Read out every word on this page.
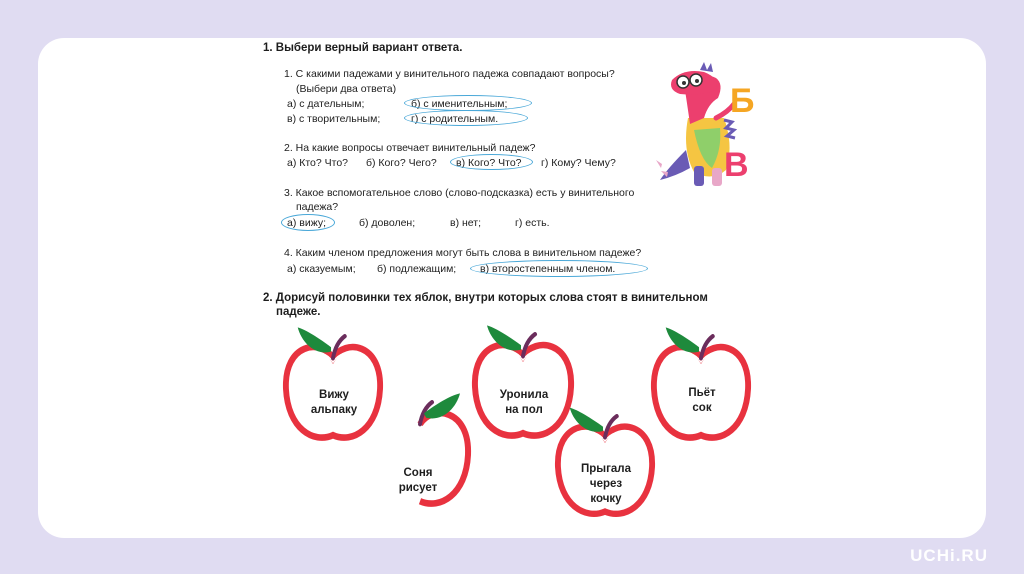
1. Выбери верный вариант ответа.
1. С какими падежами у винительного падежа совпадают вопросы?
(Выбери два ответа)
а) с дательным;	б) с именительным;
в) с творительным;	г) с родительным.
2. На какие вопросы отвечает винительный падеж?
а) Кто? Что? б) Кого? Чего? в) Кого? Что? г) Кому? Чему?
3. Какое вспомогательное слово (слово-подсказка) есть у винительного
падежа?
а) вижу;	б) доволен;	в) нет;	г) есть.
4. Каким членом предложения могут быть слова в винительном падеже?
а) сказуемым; б) подлежащим; в) второстепенным членом.
2. Дорисуй половинки тех яблок, внутри которых слова стоят в винительном
падеже.
Б
В
Вижу
альпаку
Соня
рисует
Уронила
на пол
Прыгала
через
кочку
Пьёт
сок
UCHi.RU
